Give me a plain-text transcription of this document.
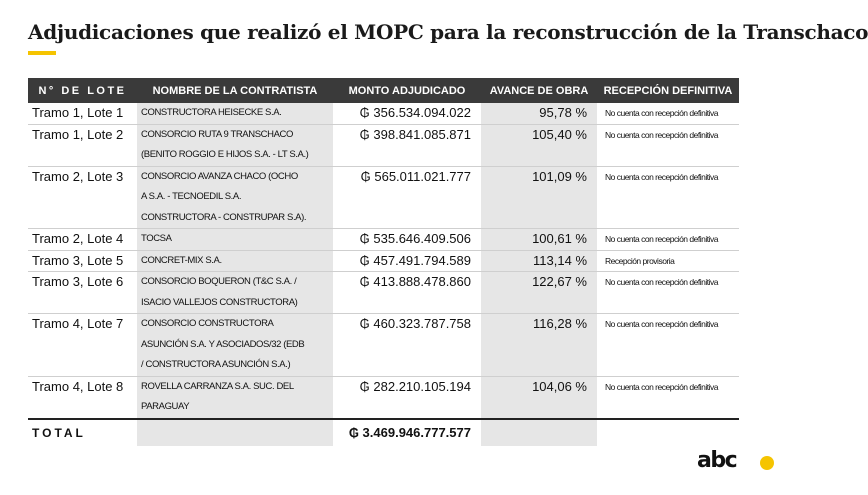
Adjudicaciones que realizó el MOPC para la reconstrucción de la Transchaco
N° DE LOTE	NOMBRE DE LA CONTRATISTA	MONTO ADJUDICADO	AVANCE DE OBRA	RECEPCIÓN DEFINITIVA
Tramo 1, Lote 1	CONSTRUCTORA HEISECKE S.A.	₲ 356.534.094.022	95,78 %	No cuenta con recepción definitiva
Tramo 1, Lote 2	CONSORCIO RUTA 9 TRANSCHACO
(BENITO ROGGIO E HIJOS S.A. - LT S.A.)	₲ 398.841.085.871	105,40 %	No cuenta con recepción definitiva
Tramo 2, Lote 3	CONSORCIO AVANZA CHACO (OCHO
A S.A. - TECNOEDIL S.A.
CONSTRUCTORA - CONSTRUPAR S.A).	₲ 565.011.021.777	101,09 %	No cuenta con recepción definitiva
Tramo 2, Lote 4	TOCSA	₲ 535.646.409.506	100,61 %	No cuenta con recepción definitiva
Tramo 3, Lote 5	CONCRET-MIX S.A.	₲ 457.491.794.589	113,14 %	Recepción provisoria
Tramo 3, Lote 6	CONSORCIO BOQUERON (T&C S.A. /
ISACIO VALLEJOS CONSTRUCTORA)	₲ 413.888.478.860	122,67 %	No cuenta con recepción definitiva
Tramo 4, Lote 7	CONSORCIO CONSTRUCTORA
ASUNCIÓN S.A. Y ASOCIADOS/32 (EDB
/ CONSTRUCTORA ASUNCIÓN S.A.)	₲ 460.323.787.758	116,28 %	No cuenta con recepción definitiva
Tramo 4, Lote 8	ROVELLA CARRANZA S.A. SUC. DEL
PARAGUAY	₲ 282.210.105.194	104,06 %	No cuenta con recepción definitiva
TOTAL		₲ 3.469.946.777.577		
abc
